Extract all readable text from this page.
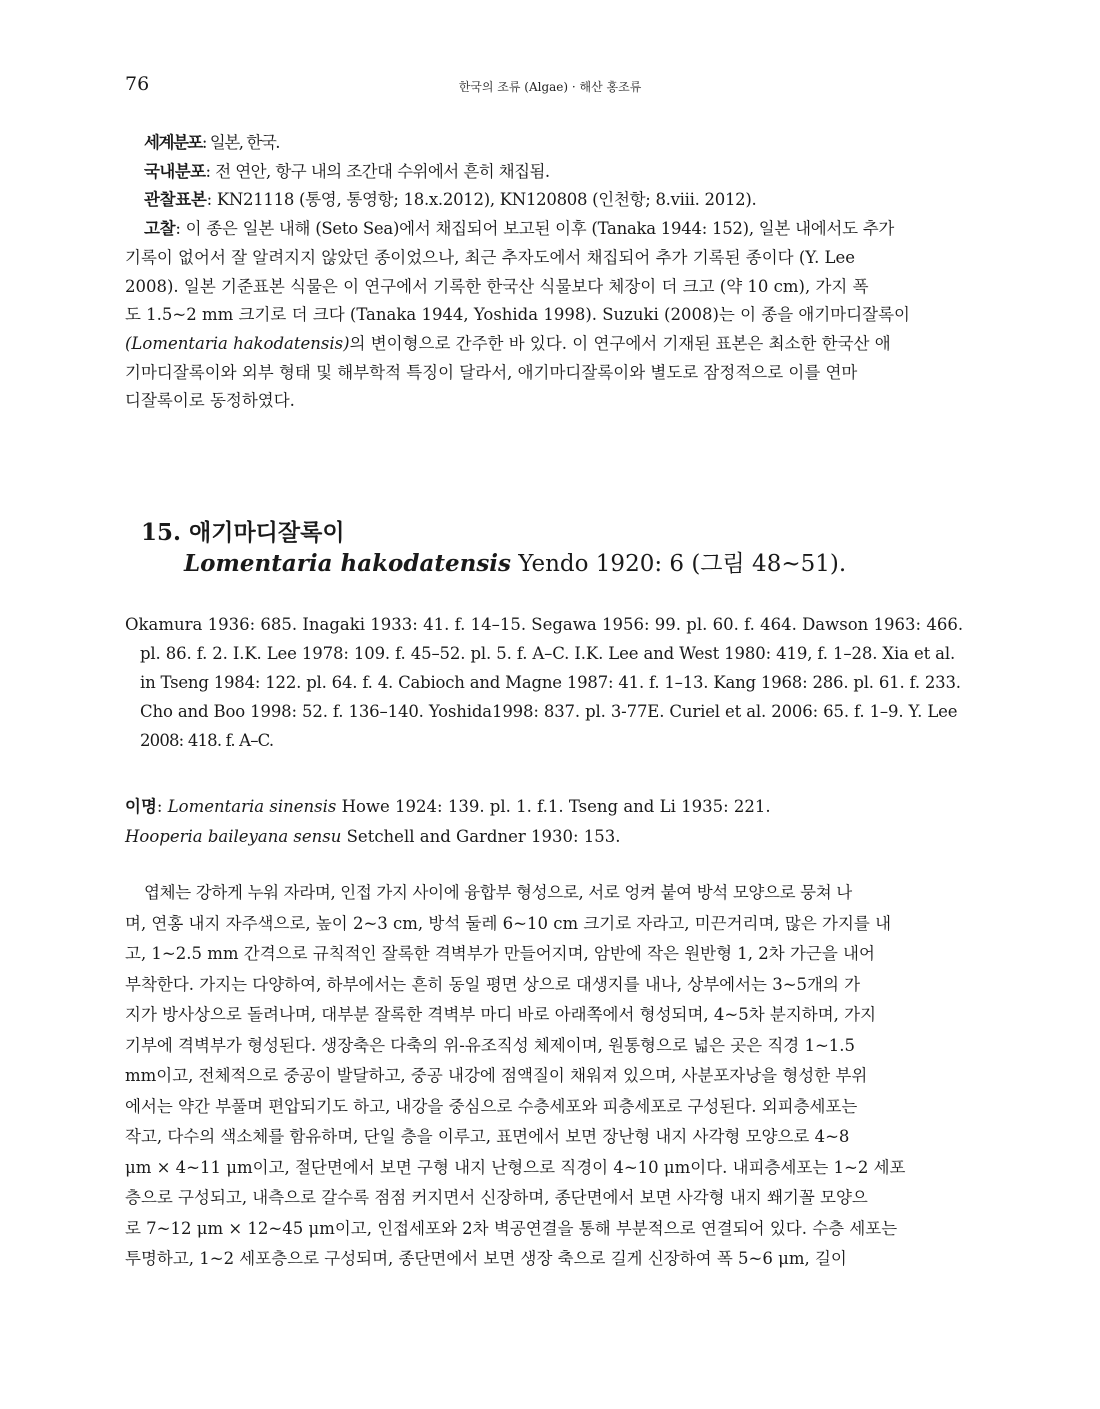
76	한국의 조류 (Algae) · 해산 홍조류
세계분포: 일본, 한국.
국내분포: 전 연안, 항구 내의 조간대 수위에서 흔히 채집됨.
관찰표본: KN21118 (통영, 통영항; 18.x.2012), KN120808 (인천항; 8.viii. 2012).
고찰: 이 종은 일본 내해 (Seto Sea)에서 채집되어 보고된 이후 (Tanaka 1944: 152), 일본 내에서도 추가
기록이 없어서 잘 알려지지 않았던 종이었으나, 최근 추자도에서 채집되어 추가 기록된 종이다 (Y. Lee
2008). 일본 기준표본 식물은 이 연구에서 기록한 한국산 식물보다 체장이 더 크고 (약 10 cm), 가지 폭
도 1.5~2 mm 크기로 더 크다 (Tanaka 1944, Yoshida 1998). Suzuki (2008)는 이 종을 애기마디잘록이
(Lomentaria hakodatensis)의 변이형으로 간주한 바 있다. 이 연구에서 기재된 표본은 최소한 한국산 애
기마디잘록이와 외부 형태 및 해부학적 특징이 달라서, 애기마디잘록이와 별도로 잠정적으로 이를 연마
디잘록이로 동정하였다.
15. 애기마디잘록이
Lomentaria hakodatensis Yendo 1920: 6 (그림 48~51).
Okamura 1936: 685. Inagaki 1933: 41. f. 14–15. Segawa 1956: 99. pl. 60. f. 464. Dawson 1963: 466.
pl. 86. f. 2. I.K. Lee 1978: 109. f. 45–52. pl. 5. f. A–C. I.K. Lee and West 1980: 419, f. 1–28. Xia et al.
in Tseng 1984: 122. pl. 64. f. 4. Cabioch and Magne 1987: 41. f. 1–13. Kang 1968: 286. pl. 61. f. 233.
Cho and Boo 1998: 52. f. 136–140. Yoshida1998: 837. pl. 3-77E. Curiel et al. 2006: 65. f. 1–9. Y. Lee
2008: 418. f. A–C.
이명: Lomentaria sinensis Howe 1924: 139. pl. 1. f.1. Tseng and Li 1935: 221.
Hooperia baileyana sensu Setchell and Gardner 1930: 153.
엽체는 강하게 누워 자라며, 인접 가지 사이에 융합부 형성으로, 서로 엉켜 붙여 방석 모양으로 뭉쳐 나
며, 연홍 내지 자주색으로, 높이 2~3 cm, 방석 둘레 6~10 cm 크기로 자라고, 미끈거리며, 많은 가지를 내
고, 1~2.5 mm 간격으로 규칙적인 잘록한 격벽부가 만들어지며, 암반에 작은 원반형 1, 2차 가근을 내어
부착한다. 가지는 다양하여, 하부에서는 흔히 동일 평면 상으로 대생지를 내나, 상부에서는 3~5개의 가
지가 방사상으로 돌려나며, 대부분 잘록한 격벽부 마디 바로 아래쪽에서 형성되며, 4~5차 분지하며, 가지
기부에 격벽부가 형성된다. 생장축은 다축의 위-유조직성 체제이며, 원통형으로 넓은 곳은 직경 1~1.5
mm이고, 전체적으로 중공이 발달하고, 중공 내강에 점액질이 채워져 있으며, 사분포자낭을 형성한 부위
에서는 약간 부풀며 편압되기도 하고, 내강을 중심으로 수층세포와 피층세포로 구성된다. 외피층세포는
작고, 다수의 색소체를 함유하며, 단일 층을 이루고, 표면에서 보면 장난형 내지 사각형 모양으로 4~8
μm × 4~11 μm이고, 절단면에서 보면 구형 내지 난형으로 직경이 4~10 μm이다. 내피층세포는 1~2 세포
층으로 구성되고, 내측으로 갈수록 점점 커지면서 신장하며, 종단면에서 보면 사각형 내지 쐐기꼴 모양으
로 7~12 μm × 12~45 μm이고, 인접세포와 2차 벽공연결을 통해 부분적으로 연결되어 있다. 수층 세포는
투명하고, 1~2 세포층으로 구성되며, 종단면에서 보면 생장 축으로 길게 신장하여 폭 5~6 μm, 길이
